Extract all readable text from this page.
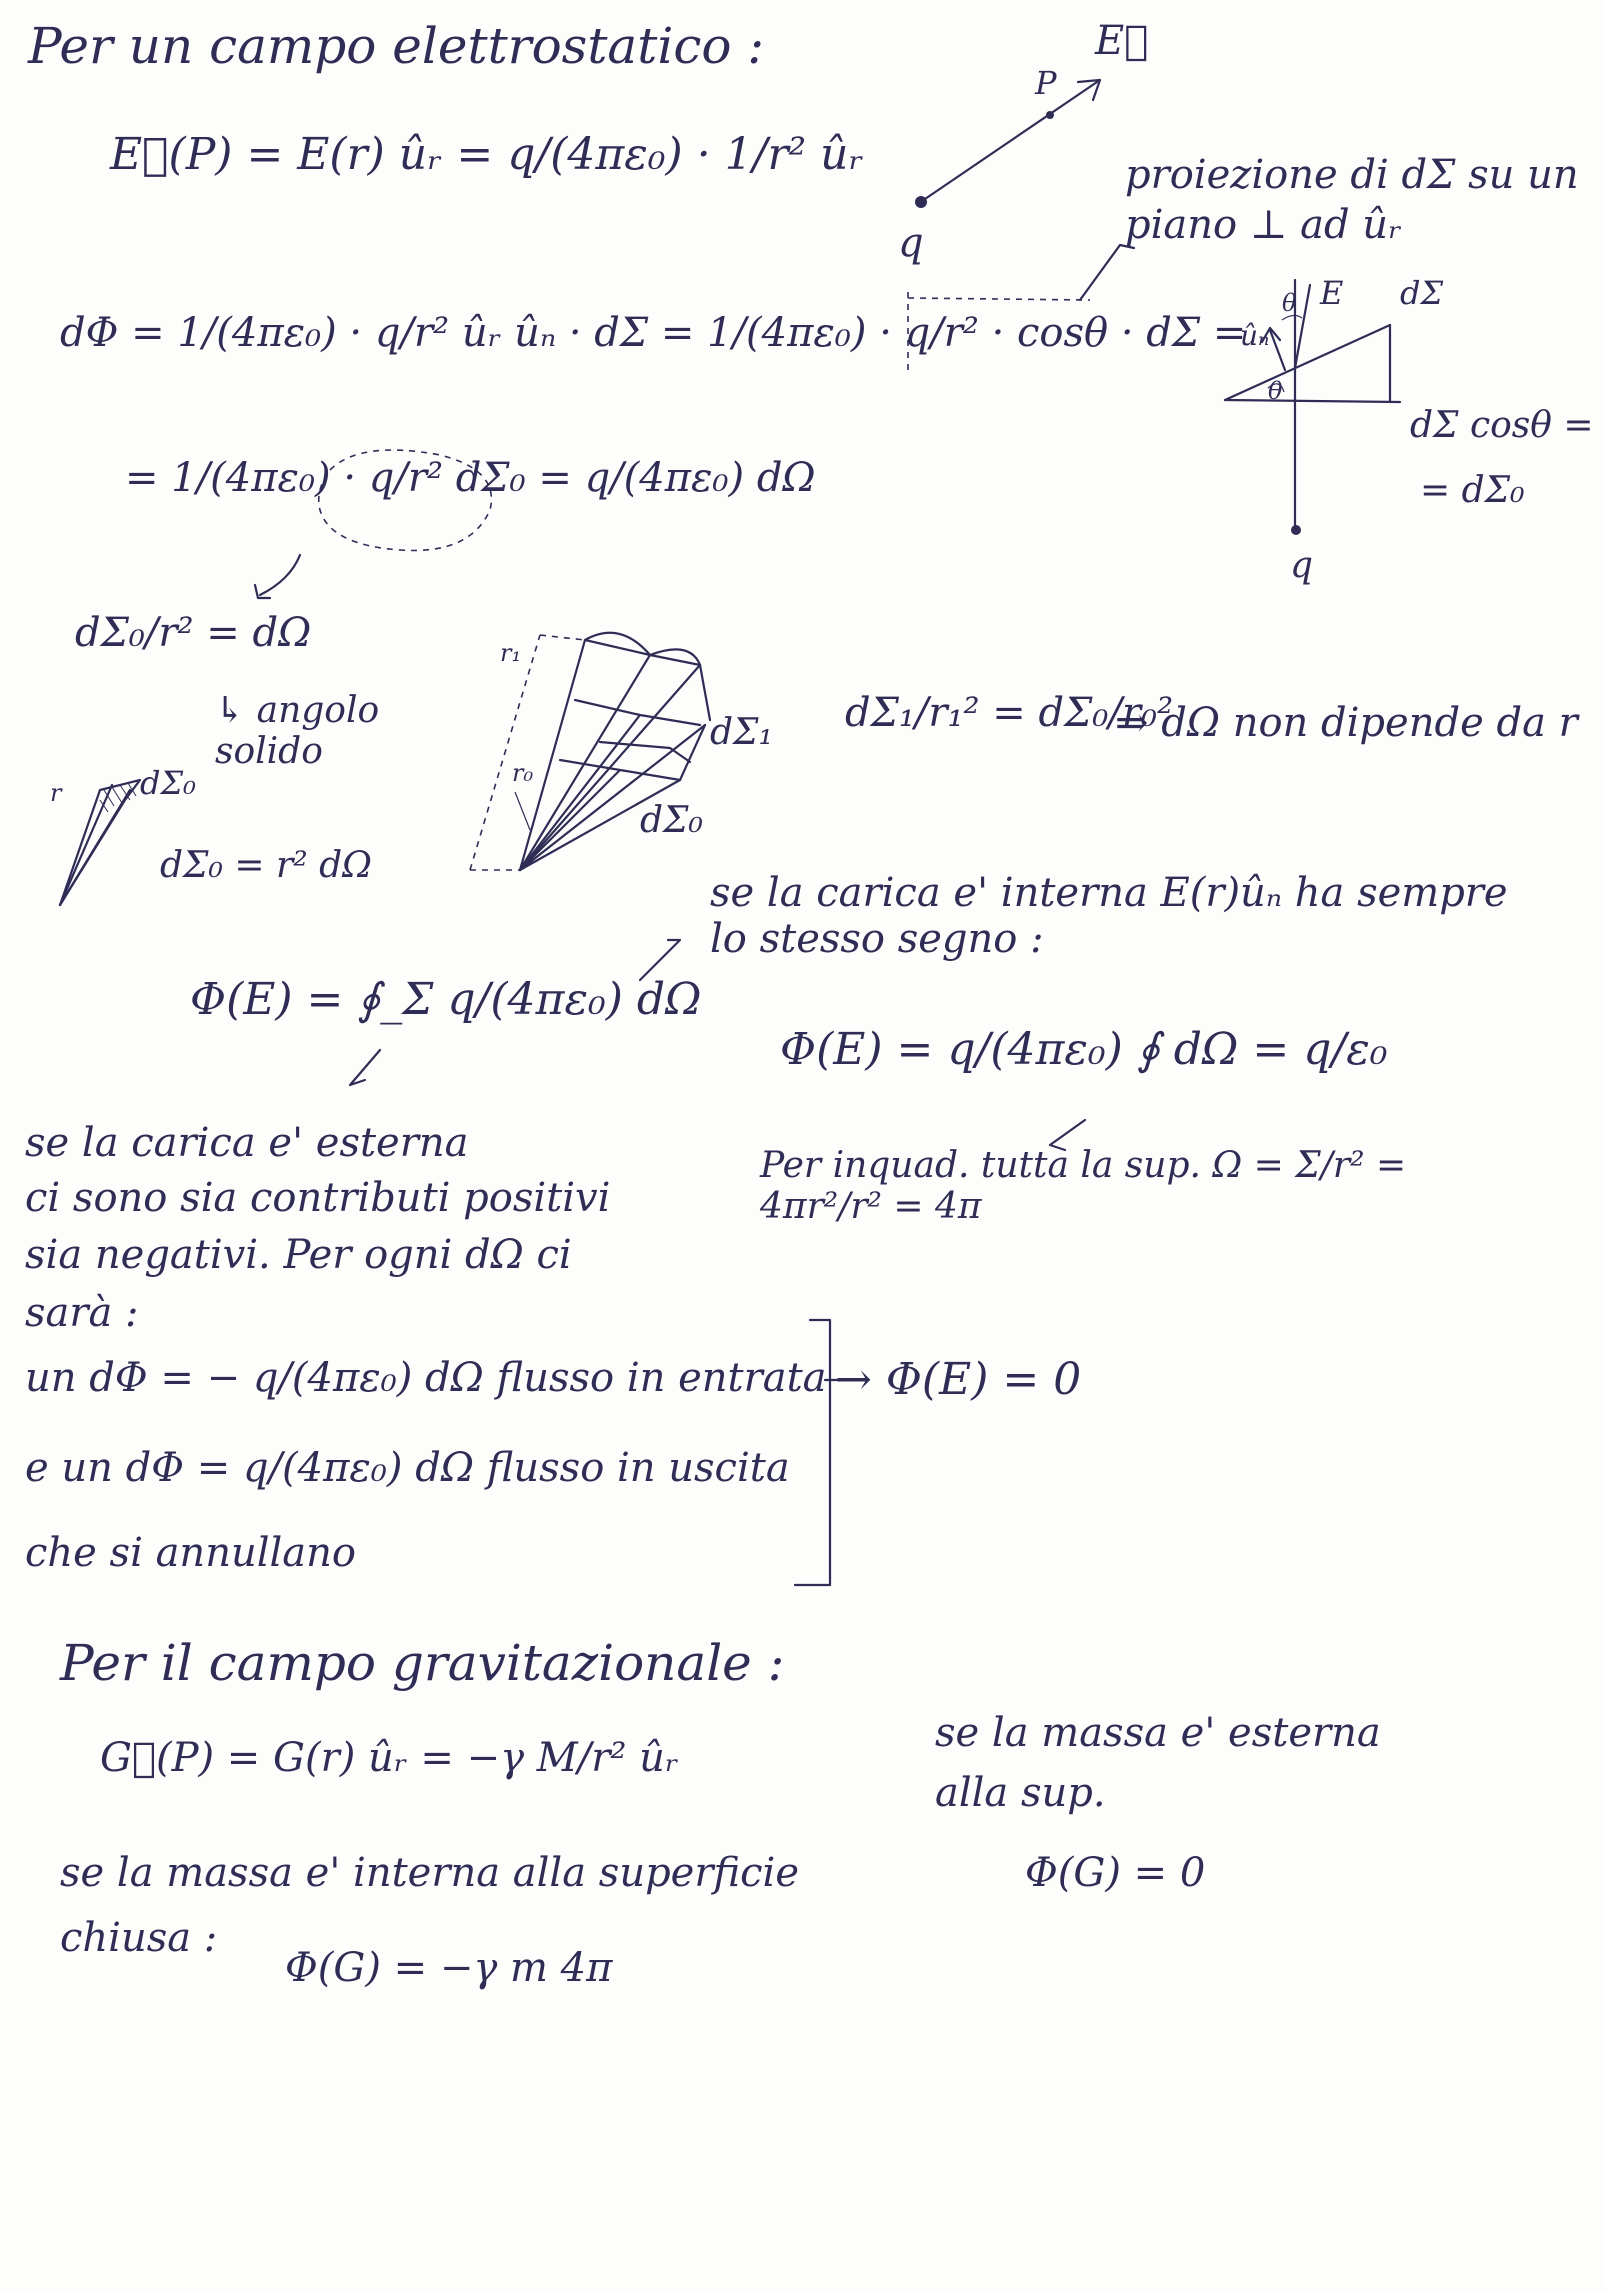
Per un campo elettrostatico :
E⃗(P) = E(r) ûᵣ = q/(4πε₀) · 1/r² ûᵣ
dΦ = 1/(4πε₀) · q/r² ûᵣ ûₙ · dΣ = 1/(4πε₀) · q/r² · cosθ · dΣ =
= 1/(4πε₀) · q/r² dΣ₀ = q/(4πε₀) dΩ
dΣ₀/r² = dΩ
↳ angolo solido
dΣ₀ = r² dΩ
dΣ₁/r₁² = dΣ₀/r₀²
⇒ dΩ non dipende da r
Φ(E) = ∮_Σ q/(4πε₀) dΩ
se la carica e' interna E(r)ûₙ ha sempre lo stesso segno :
Φ(E) = q/(4πε₀) ∮ dΩ = q/ε₀
Per inquad. tutta la sup. Ω = Σ/r² = 4πr²/r² = 4π
se la carica e' esterna
ci sono sia contributi positivi
sia negativi. Per ogni dΩ ci
sarà :
un dΦ = − q/(4πε₀) dΩ flusso in entrata
e un dΦ = q/(4πε₀) dΩ flusso in uscita
che si annullano
→ Φ(E) = 0
E⃗
P
q
proiezione di dΣ su un piano ⊥ ad ûᵣ
ûₙ
θ E dΣ
θ
dΣ cosθ =
= dΣ₀
q
r₁
r₀
dΣ₁
dΣ₀
r dΣ₀
Per il campo gravitazionale :
G⃗(P) = G(r) ûᵣ = −γ M/r² ûᵣ
se la massa e' esterna
alla sup.
Φ(G) = 0
se la massa e' interna alla superficie
chiusa :
Φ(G) = −γ m 4π
